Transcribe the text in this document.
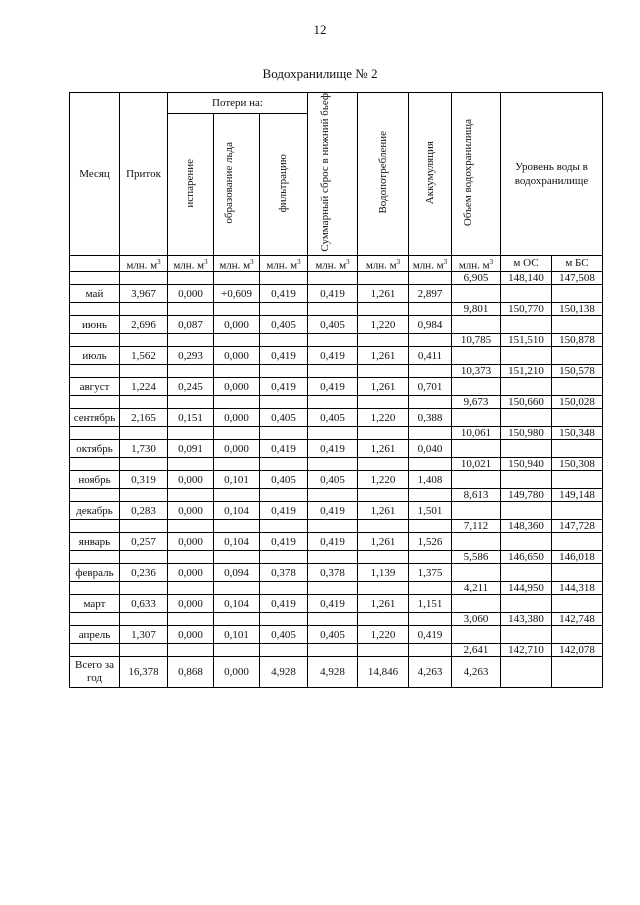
12
Водохранилище № 2
Месяц	Приток	Потери на:			Суммарный сброс в нижний бьеф	Водопотребление	Аккумуляция	Объем водохранилища	Уровень воды в водохранилище	
		испарение	образование льда	фильтрацию						
	млн. $м^3$	млн. $м^3$	млн. $м^3$	млн. $м^3$	млн. $м^3$	млн. $м^3$	млн. $м^3$	млн. $м^3$	м ОС	м БС
								6,905	148,140	147,508
май	3,967	0,000	+0,609	0,419	0,419	1,261	2,897			
								9,801	150,770	150,138
июнь	2,696	0,087	0,000	0,405	0,405	1,220	0,984			
								10,785	151,510	150,878
июль	1,562	0,293	0,000	0,419	0,419	1,261	0,411			
								10,373	151,210	150,578
август	1,224	0,245	0,000	0,419	0,419	1,261	0,701			
								9,673	150,660	150,028
сентябрь	2,165	0,151	0,000	0,405	0,405	1,220	0,388			
								10,061	150,980	150,348
октябрь	1,730	0,091	0,000	0,419	0,419	1,261	0,040			
								10,021	150,940	150,308
ноябрь	0,319	0,000	0,101	0,405	0,405	1,220	1,408			
								8,613	149,780	149,148
декабрь	0,283	0,000	0,104	0,419	0,419	1,261	1,501			
								7,112	148,360	147,728
январь	0,257	0,000	0,104	0,419	0,419	1,261	1,526			
								5,586	146,650	146,018
февраль	0,236	0,000	0,094	0,378	0,378	1,139	1,375			
								4,211	144,950	144,318
март	0,633	0,000	0,104	0,419	0,419	1,261	1,151			
								3,060	143,380	142,748
апрель	1,307	0,000	0,101	0,405	0,405	1,220	0,419			
								2,641	142,710	142,078
Всего за год	16,378	0,868	0,000	4,928	4,928	14,846	4,263	4,263		
